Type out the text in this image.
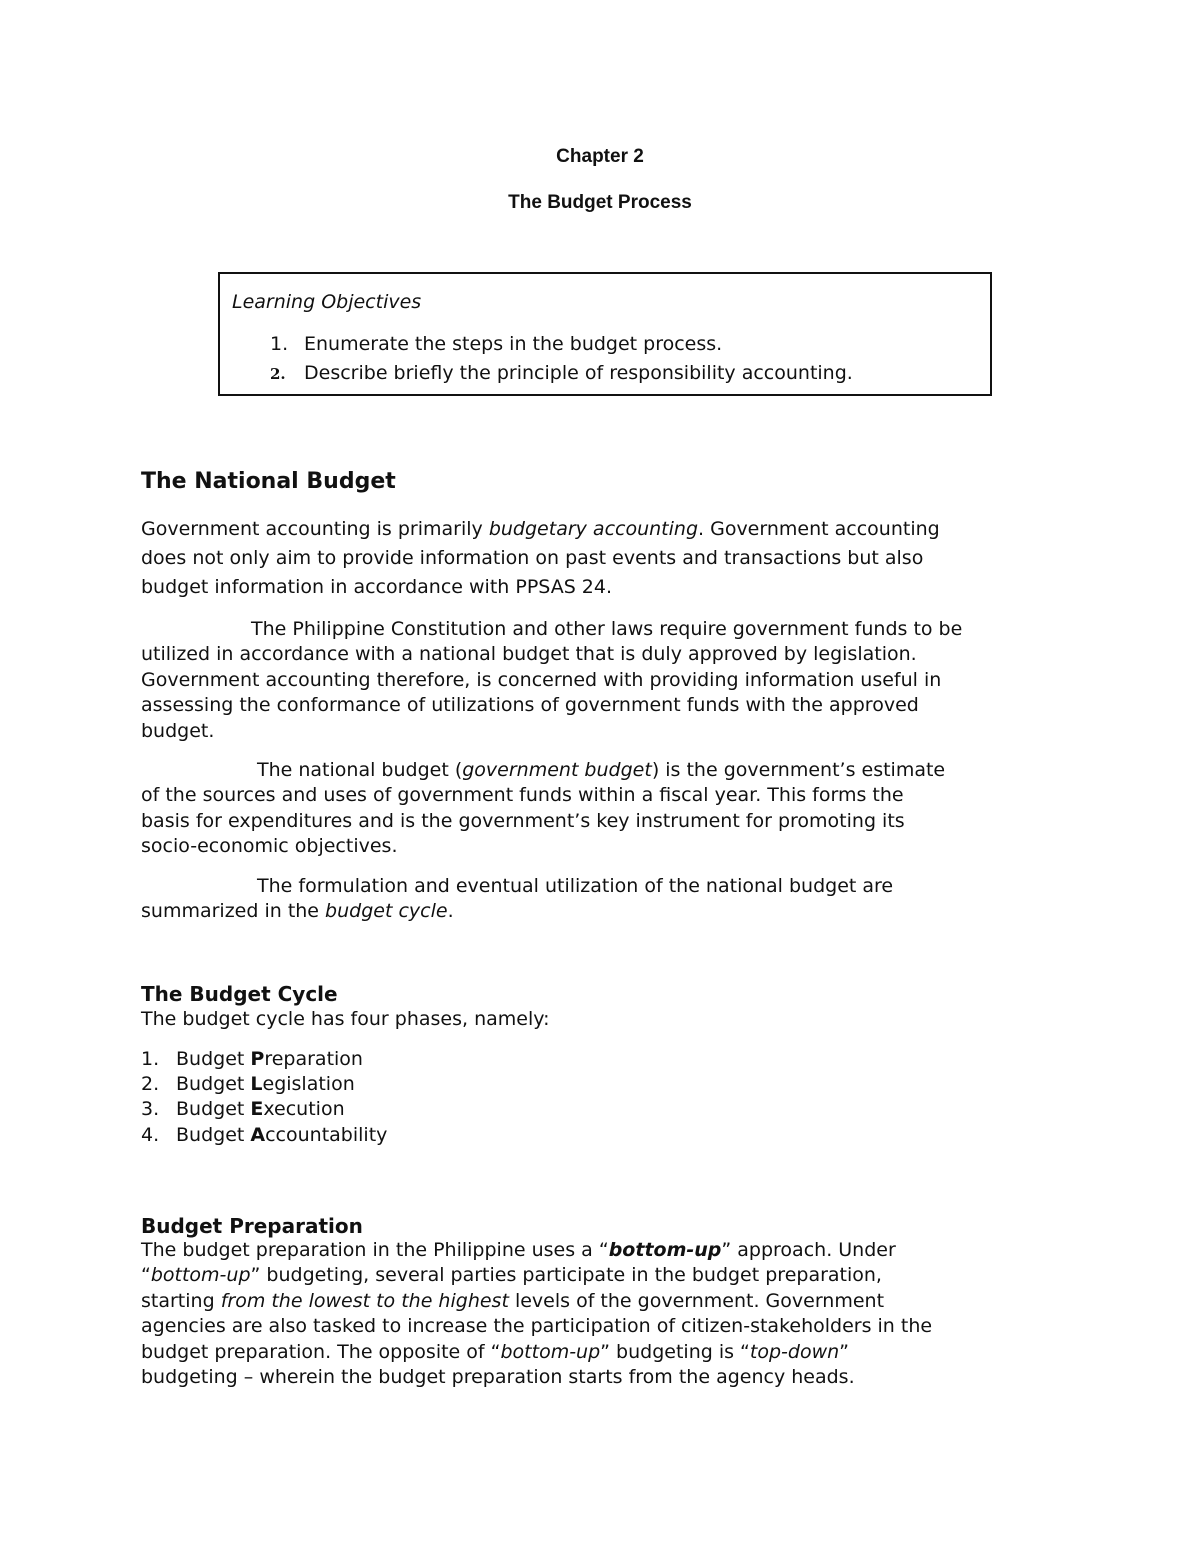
Chapter 2
The Budget Process
Learning Objectives
1. Enumerate the steps in the budget process.
2. Describe briefly the principle of responsibility accounting.
The National Budget
Government accounting is primarily budgetary accounting. Government accounting
does not only aim to provide information on past events and transactions but also
budget information in accordance with PPSAS 24.
The Philippine Constitution and other laws require government funds to be
utilized in accordance with a national budget that is duly approved by legislation.
Government accounting therefore, is concerned with providing information useful in
assessing the conformance of utilizations of government funds with the approved
budget.
The national budget (government budget) is the government’s estimate
of the sources and uses of government funds within a fiscal year. This forms the
basis for expenditures and is the government’s key instrument for promoting its
socio-economic objectives.
The formulation and eventual utilization of the national budget are
summarized in the budget cycle.
The Budget Cycle
The budget cycle has four phases, namely:
1. Budget Preparation
2. Budget Legislation
3. Budget Execution
4. Budget Accountability
Budget Preparation
The budget preparation in the Philippine uses a “bottom-up” approach. Under
“bottom-up” budgeting, several parties participate in the budget preparation,
starting from the lowest to the highest levels of the government. Government
agencies are also tasked to increase the participation of citizen-stakeholders in the
budget preparation. The opposite of “bottom-up” budgeting is “top-down”
budgeting – wherein the budget preparation starts from the agency heads.
